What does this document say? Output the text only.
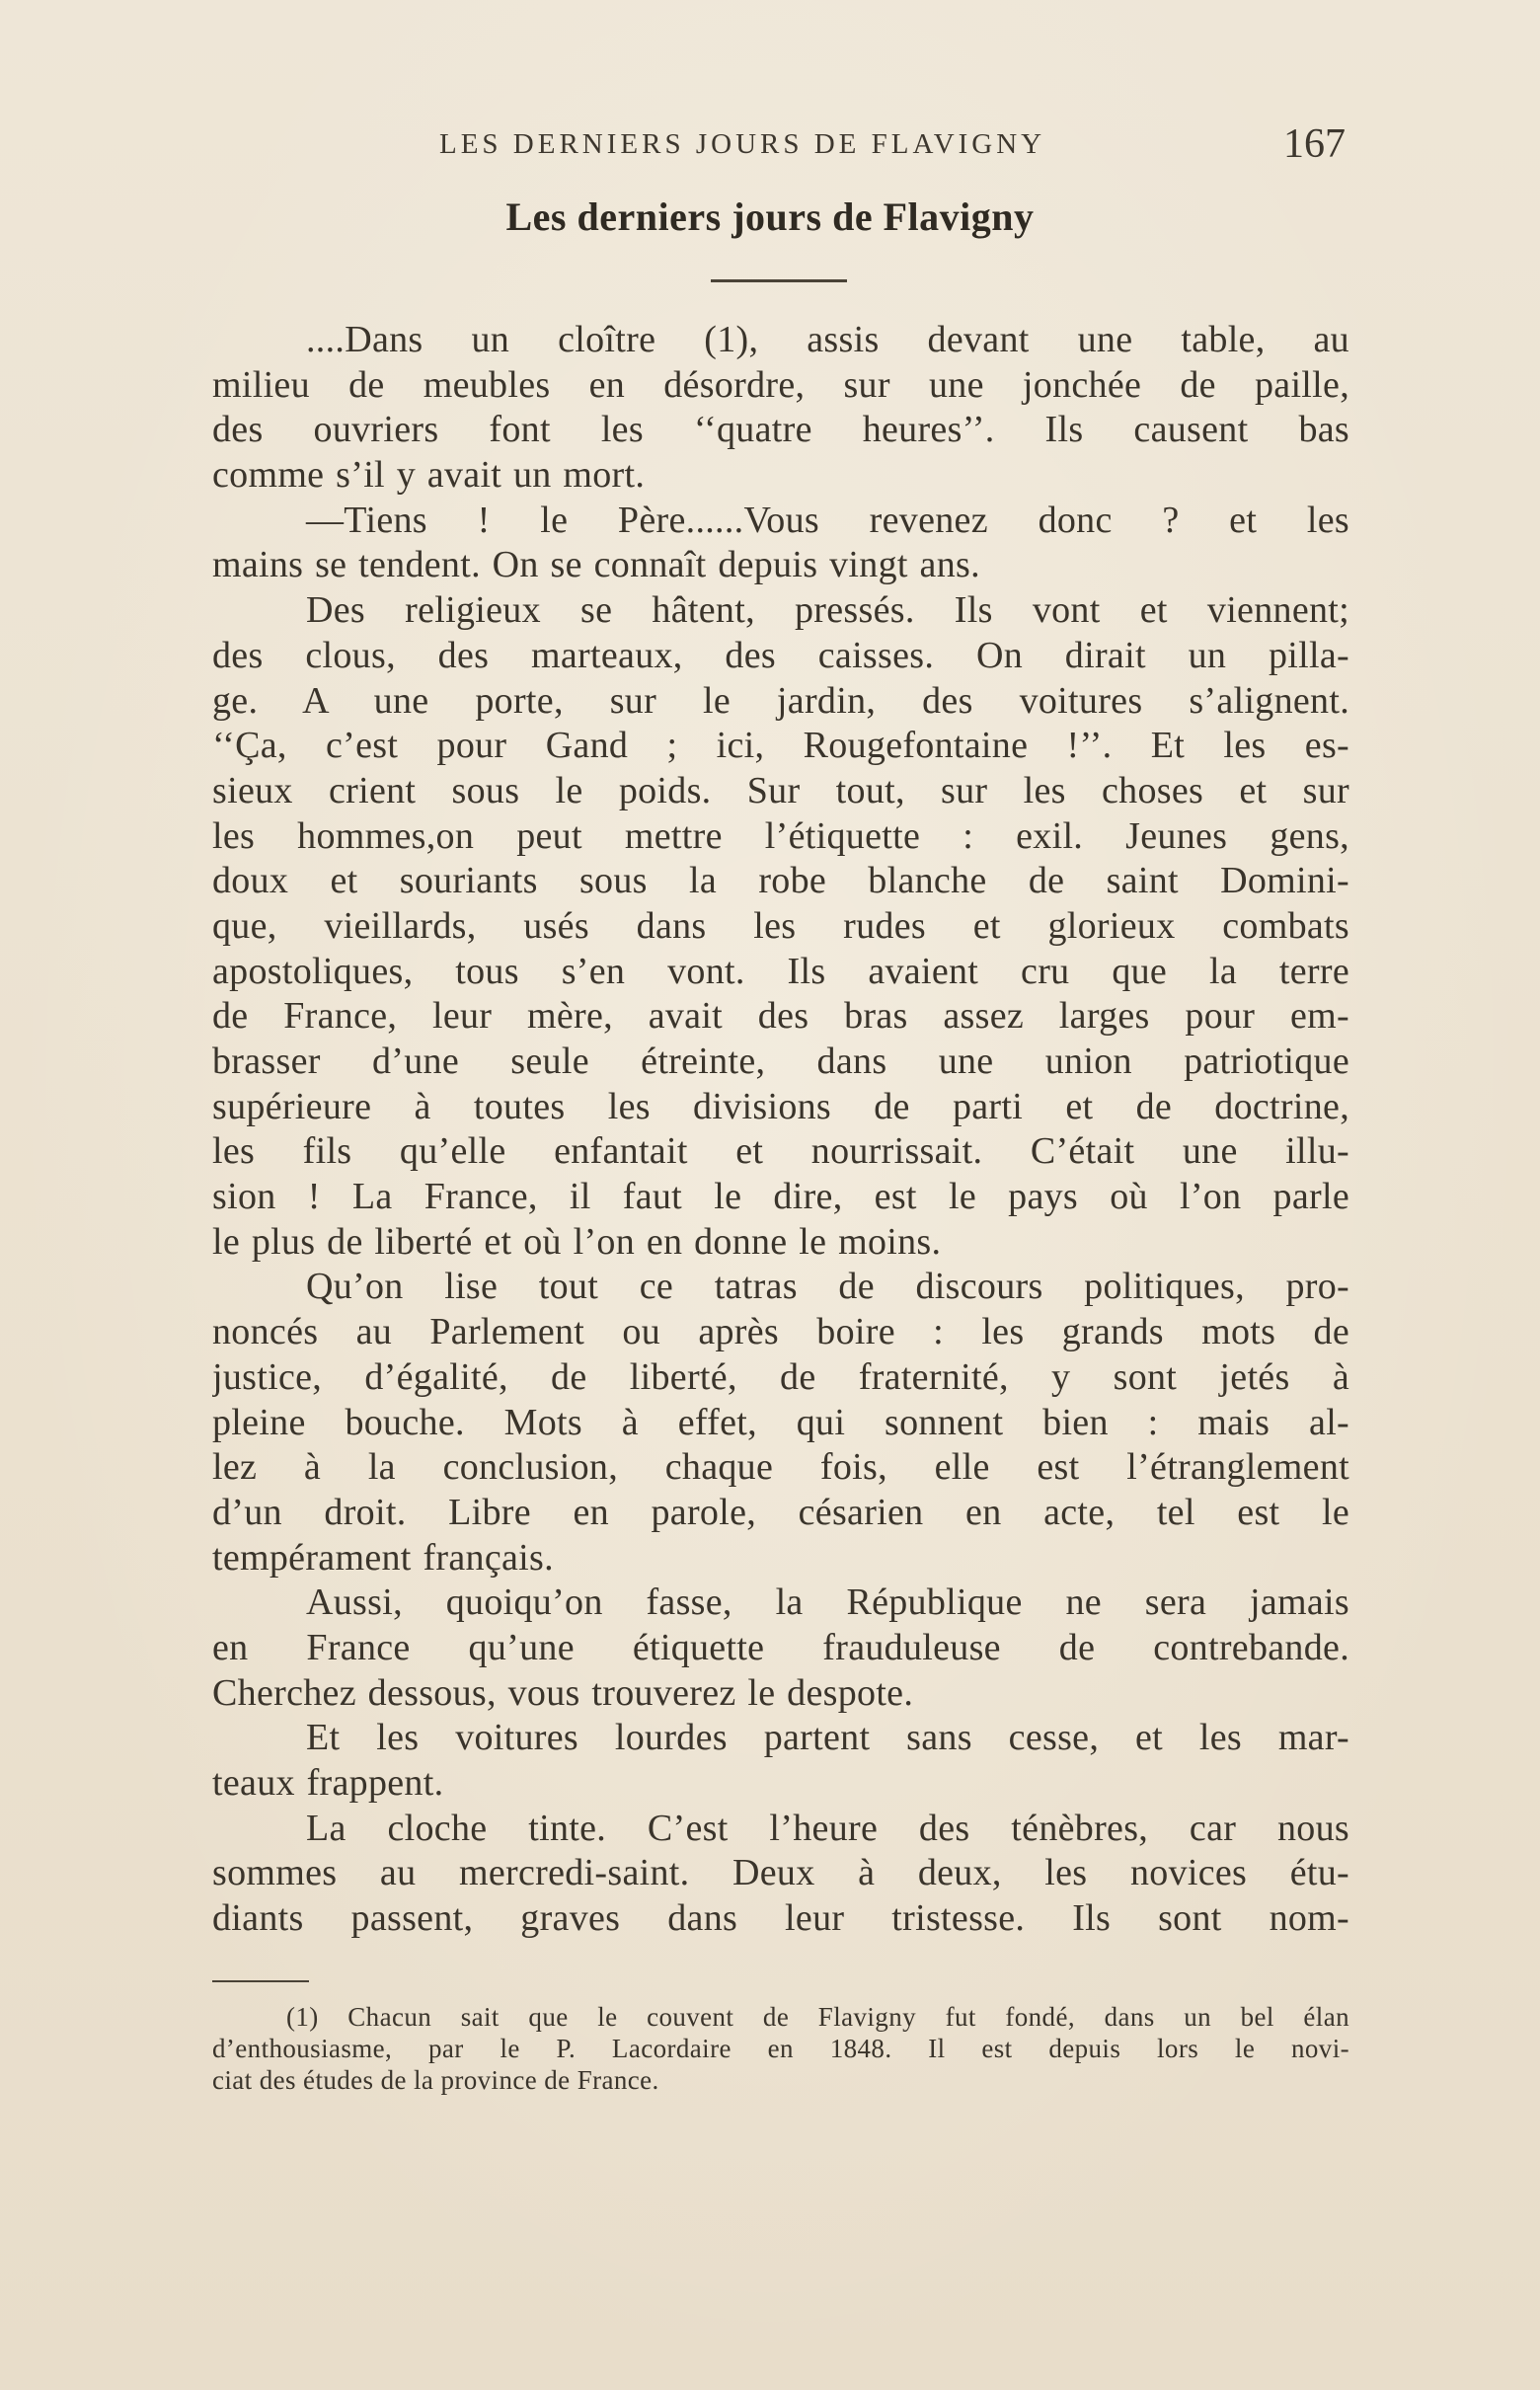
LES DERNIERS JOURS DE FLAVIGNY	167
Les derniers jours de Flavigny
....Dans un cloître (1), assis devant une table, au
milieu de meubles en désordre, sur une jonchée de paille,
des ouvriers font les ‘‘quatre heures’’. Ils causent bas
comme s’il y avait un mort.
—Tiens ! le Père......Vous revenez donc ? et les
mains se tendent. On se connaît depuis vingt ans.
Des religieux se hâtent, pressés. Ils vont et viennent;
des clous, des marteaux, des caisses. On dirait un pilla-
ge. A une porte, sur le jardin, des voitures s’alignent.
‘‘Ça, c’est pour Gand ; ici, Rougefontaine !’’. Et les es-
sieux crient sous le poids. Sur tout, sur les choses et sur
les hommes,on peut mettre l’étiquette : exil. Jeunes gens,
doux et souriants sous la robe blanche de saint Domini-
que, vieillards, usés dans les rudes et glorieux combats
apostoliques, tous s’en vont. Ils avaient cru que la terre
de France, leur mère, avait des bras assez larges pour em-
brasser d’une seule étreinte, dans une union patriotique
supérieure à toutes les divisions de parti et de doctrine,
les fils qu’elle enfantait et nourrissait. C’était une illu-
sion ! La France, il faut le dire, est le pays où l’on parle
le plus de liberté et où l’on en donne le moins.
Qu’on lise tout ce tatras de discours politiques, pro-
noncés au Parlement ou après boire : les grands mots de
justice, d’égalité, de liberté, de fraternité, y sont jetés à
pleine bouche. Mots à effet, qui sonnent bien : mais al-
lez à la conclusion, chaque fois, elle est l’étranglement
d’un droit. Libre en parole, césarien en acte, tel est le
tempérament français.
Aussi, quoiqu’on fasse, la République ne sera jamais
en France qu’une étiquette frauduleuse de contrebande.
Cherchez dessous, vous trouverez le despote.
Et les voitures lourdes partent sans cesse, et les mar-
teaux frappent.
La cloche tinte. C’est l’heure des ténèbres, car nous
sommes au mercredi-saint. Deux à deux, les novices étu-
diants passent, graves dans leur tristesse. Ils sont nom-
(1) Chacun sait que le couvent de Flavigny fut fondé, dans un bel élan
d’enthousiasme, par le P. Lacordaire en 1848. Il est depuis lors le novi-
ciat des études de la province de France.
